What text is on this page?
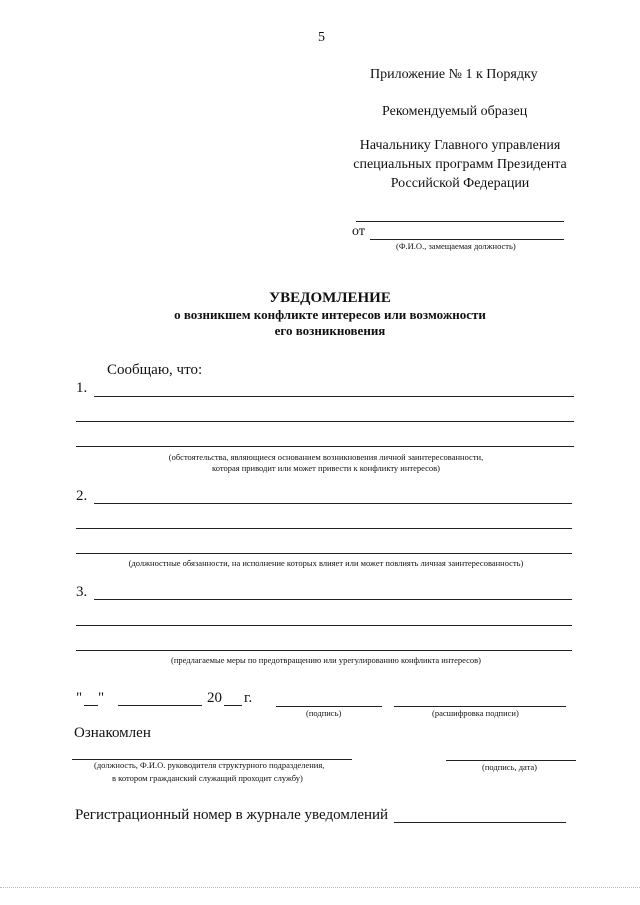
5
Приложение № 1 к Порядку
Рекомендуемый образец
Начальнику Главного управления
специальных программ Президента
Российской Федерации
от
(Ф.И.О., замещаемая должность)
УВЕДОМЛЕНИЕ
о возникшем конфликте интересов или возможности
его возникновения
Сообщаю, что:
1.
(обстоятельства, являющиеся основанием возникновения личной заинтересованности,
которая приводит или может привести к конфликту интересов)
2.
(должностные обязанности, на исполнение которых влияет или может повлиять личная заинтересованность)
3.
(предлагаемые меры по предотвращению или урегулированию конфликта интересов)
" "	20 г.
(подпись)	(расшифровка подписи)
Ознакомлен
(должность, Ф.И.О. руководителя структурного подразделения,
в котором гражданский служащий проходит службу)
(подпись, дата)
Регистрационный номер в журнале уведомлений
